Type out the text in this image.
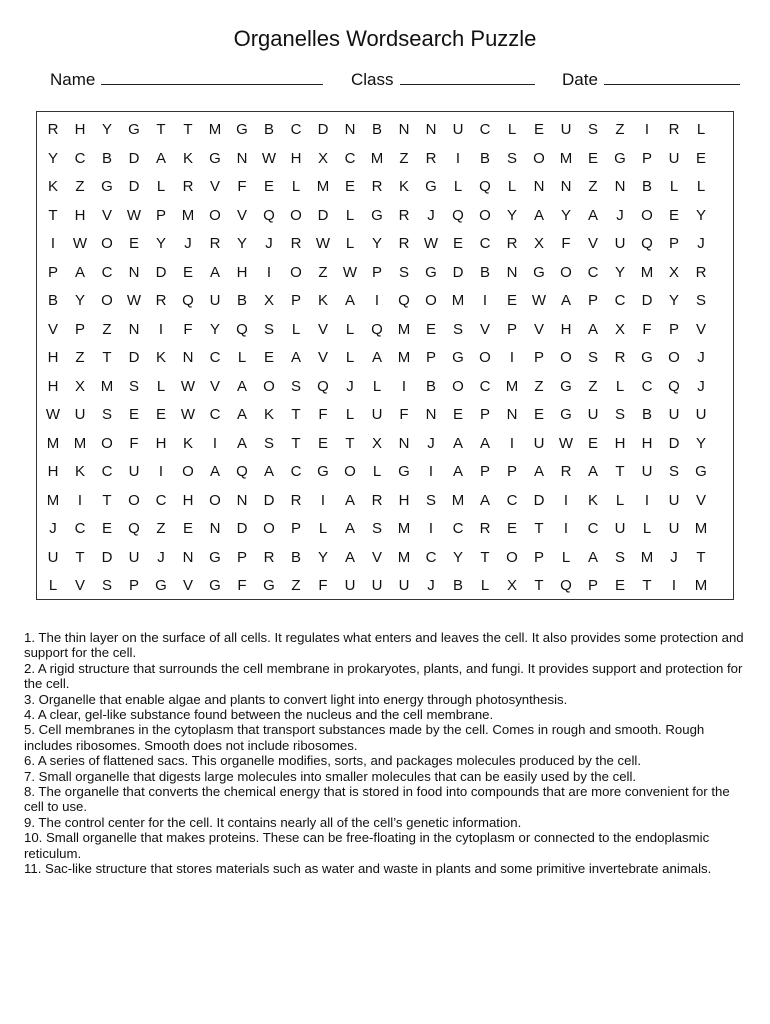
Organelles Wordsearch Puzzle
Name	Class	Date
R	H	Y	G	T	T	M G	B	C	D	N	B	N	N	U	C	L	E	U	S	Z	I	R	L
Y	C	B	D	A	K	G	N W H	X	C	M	Z	R	I	B	S	O M	E	G	P	U	E
K	Z	G	D	L	R	V	F	E	L	M	E	R	K	G	L	Q	L	N	N	Z	N	B	L	L
T	H	V W P	M O	V	Q	O	D	L	G	R	J	Q	O	Y	A	Y	A	J	O	E	Y
I	W O	E	Y	J	R	Y	J	R W	L	Y	R W E	C	R	X	F	V	U	Q	P	J
P	A	C	N	D	E	A	H	I	O	Z	W P	S	G	D	B	N	G	O	C	Y	M	X	R
B	Y	O W R	Q	U	B	X	P	K	A	I	Q	O M	I	E W A	P	C	D	Y	S
V	P	Z	N	I	F	Y	Q	S	L	V	L	Q M	E	S	V	P	V	H	A	X	F	P	V
H	Z	T	D	K	N	C	L	E	A	V	L	A	M	P	G	O	I	P	O	S	R	G	O	J
H	X	M	S	L	W V	A	O	S	Q	J	L	I	B	O	C	M	Z	G	Z	L	C	Q	J
W U	S	E	E W C	A	K	T	F	L	U	F	N	E	P	N	E	G	U	S	B	U	U
M M O	F	H	K	I	A	S	T	E	T	X	N	J	A	A	I	U W E	H	H	D	Y
H	K	C	U	I	O	A	Q	A	C	G	O	L	G	I	A	P	P	A	R	A	T	U	S	G
M	I	T	O	C	H	O	N	D	R	I	A	R	H	S	M	A	C	D	I	K	L	I	U	V
J	C	E	Q	Z	E	N	D	O	P	L	A	S	M	I	C	R	E	T	I	C	U	L	U	M
U	T	D	U	J	N	G	P	R	B	Y	A	V	M	C	Y	T	O	P	L	A	S	M	J	T
L	V	S	P	G	V	G	F	G	Z	F	U	U	U	J	B	L	X	T	Q	P	E	T	I	M

1. The thin layer on the surface of all cells. It regulates what enters and leaves the cell. It also provides some protection and support for the cell.

2. A rigid structure that surrounds the cell membrane in prokaryotes, plants, and fungi. It provides support and protection for the cell.

3. Organelle that enable algae and plants to convert light into energy through photosynthesis.

4. A clear, gel-like substance found between the nucleus and the cell membrane.

5. Cell membranes in the cytoplasm that transport substances made by the cell. Comes in rough and smooth. Rough includes ribosomes. Smooth does not include ribosomes.

6. A series of flattened sacs. This organelle modifies, sorts, and packages molecules produced by the cell.

7. Small organelle that digests large molecules into smaller molecules that can be easily used by the cell.

8. The organelle that converts the chemical energy that is stored in food into compounds that are more convenient for the cell to use.

9. The control center for the cell. It contains nearly all of the cell’s genetic information.

10. Small organelle that makes proteins. These can be free-floating in the cytoplasm or connected to the endoplasmic reticulum.

11. Sac-like structure that stores materials such as water and waste in plants and some primitive invertebrate animals.
